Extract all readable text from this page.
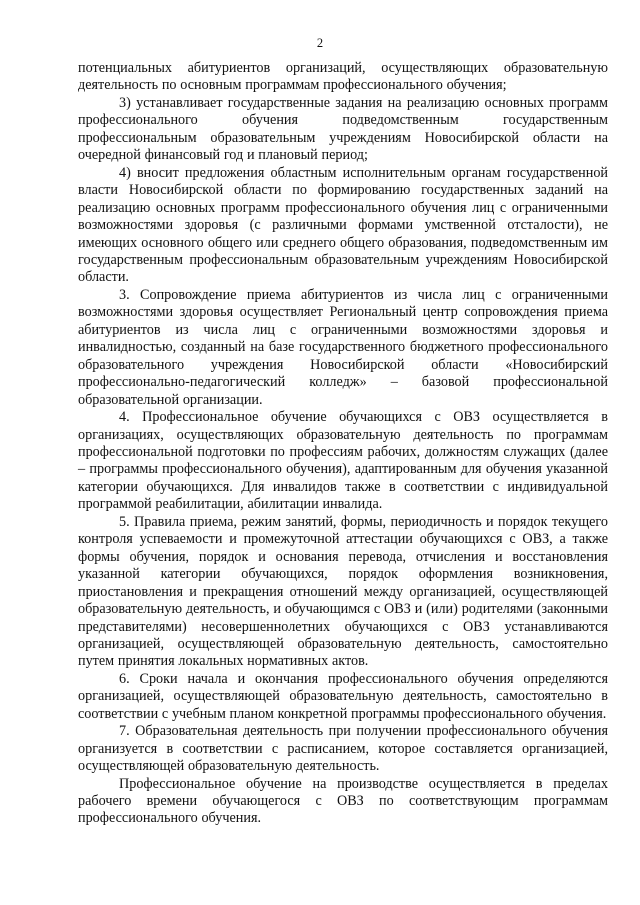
2

потенциальных абитуриентов организаций, осуществляющих образовательную деятельность по основным программам профессионального обучения;

3) устанавливает государственные задания на реализацию основных программ профессионального обучения подведомственным государственным профессиональным образовательным учреждениям Новосибирской области на очередной финансовый год и плановый период;

4) вносит предложения областным исполнительным органам государственной власти Новосибирской области по формированию государственных заданий на реализацию основных программ профессионального обучения лиц с ограниченными возможностями здоровья (с различными формами умственной отсталости), не имеющих основного общего или среднего общего образования, подведомственным им государственным профессиональным образовательным учреждениям Новосибирской области.

3. Сопровождение приема абитуриентов из числа лиц с ограниченными возможностями здоровья осуществляет Региональный центр сопровождения приема абитуриентов из числа лиц с ограниченными возможностями здоровья и инвалидностью, созданный на базе государственного бюджетного профессионального образовательного учреждения Новосибирской области «Новосибирский профессионально-педагогический колледж» – базовой профессиональной образовательной организации.

4. Профессиональное обучение обучающихся с ОВЗ осуществляется в организациях, осуществляющих образовательную деятельность по программам профессиональной подготовки по профессиям рабочих, должностям служащих (далее – программы профессионального обучения), адаптированным для обучения указанной категории обучающихся. Для инвалидов также в соответствии с индивидуальной программой реабилитации, абилитации инвалида.

5. Правила приема, режим занятий, формы, периодичность и порядок текущего контроля успеваемости и промежуточной аттестации обучающихся с ОВЗ, а также формы обучения, порядок и основания перевода, отчисления и восстановления указанной категории обучающихся, порядок оформления возникновения, приостановления и прекращения отношений между организацией, осуществляющей образовательную деятельность, и обучающимся с ОВЗ и (или) родителями (законными представителями) несовершеннолетних обучающихся с ОВЗ устанавливаются организацией, осуществляющей образовательную деятельность, самостоятельно путем принятия локальных нормативных актов.

6. Сроки начала и окончания профессионального обучения определяются организацией, осуществляющей образовательную деятельность, самостоятельно в соответствии с учебным планом конкретной программы профессионального обучения.

7. Образовательная деятельность при получении профессионального обучения организуется в соответствии с расписанием, которое составляется организацией, осуществляющей образовательную деятельность.

Профессиональное обучение на производстве осуществляется в пределах рабочего времени обучающегося с ОВЗ по соответствующим программам профессионального обучения.
